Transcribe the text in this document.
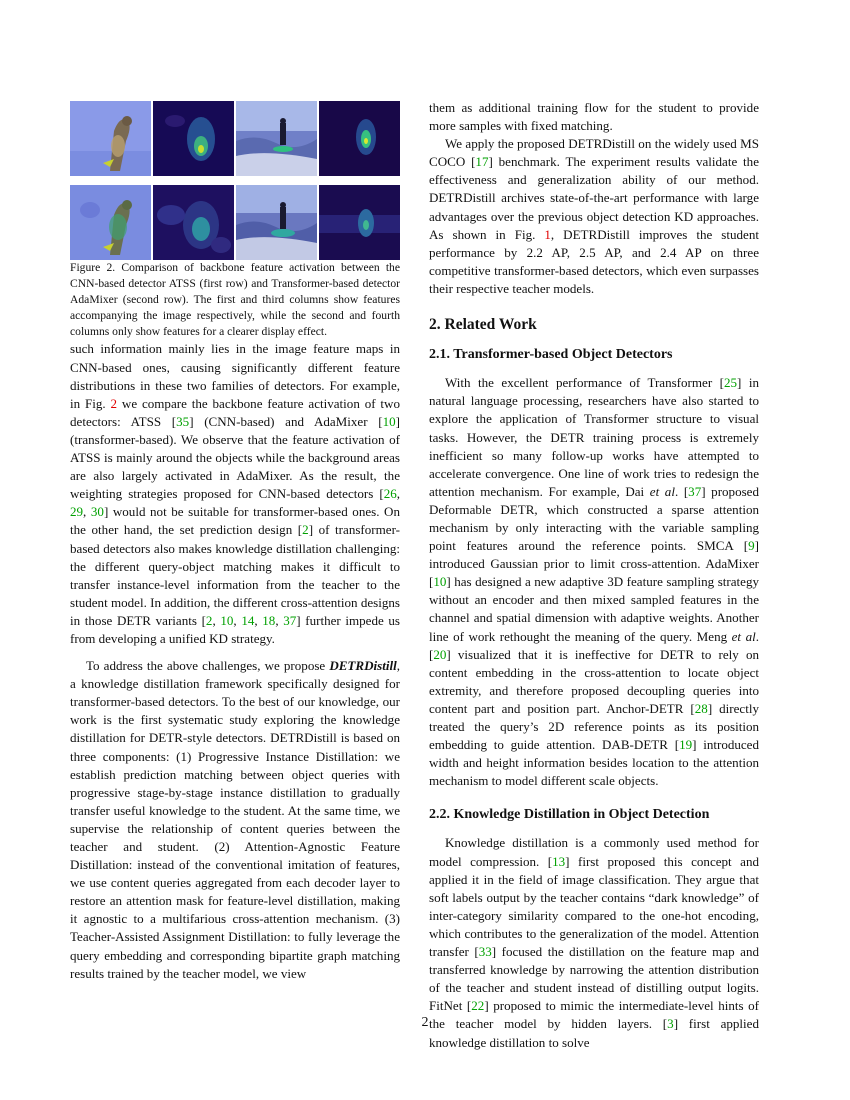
Figure 2. Comparison of backbone feature activation between the CNN-based detector ATSS (first row) and Transformer-based detector AdaMixer (second row). The first and third columns show features accompanying the image respectively, while the second and fourth columns only show features for a clearer display effect.

such information mainly lies in the image feature maps in CNN-based ones, causing significantly different feature distributions in these two families of detectors. For example, in Fig. 2 we compare the backbone feature activation of two detectors: ATSS [35] (CNN-based) and AdaMixer [10] (transformer-based). We observe that the feature activation of ATSS is mainly around the objects while the background areas are also largely activated in AdaMixer. As the result, the weighting strategies proposed for CNN-based detectors [26, 29, 30] would not be suitable for transformer-based ones. On the other hand, the set prediction design [2] of transformer-based detectors also makes knowledge distillation challenging: the different query-object matching makes it difficult to transfer instance-level information from the teacher to the student model. In addition, the different cross-attention designs in those DETR variants [2, 10, 14, 18, 37] further impede us from developing a unified KD strategy.

To address the above challenges, we propose DETRDistill, a knowledge distillation framework specifically designed for transformer-based detectors. To the best of our knowledge, our work is the first systematic study exploring the knowledge distillation for DETR-style detectors. DETRDistill is based on three components: (1) Progressive Instance Distillation: we establish prediction matching between object queries with progressive stage-by-stage instance distillation to gradually transfer useful knowledge to the student. At the same time, we supervise the relationship of content queries between the teacher and student. (2) Attention-Agnostic Feature Distillation: instead of the conventional imitation of features, we use content queries aggregated from each decoder layer to restore an attention mask for feature-level distillation, making it agnostic to a multifarious cross-attention mechanism. (3) Teacher-Assisted Assignment Distillation: to fully leverage the query embedding and corresponding bipartite graph matching results trained by the teacher model, we view

them as additional training flow for the student to provide more samples with fixed matching.

We apply the proposed DETRDistill on the widely used MS COCO [17] benchmark. The experiment results validate the effectiveness and generalization ability of our method. DETRDistill archives state-of-the-art performance with large advantages over the previous object detection KD approaches. As shown in Fig. 1, DETRDistill improves the student performance by 2.2 AP, 2.5 AP, and 2.4 AP on three competitive transformer-based detectors, which even surpasses their respective teacher models.

2. Related Work
2.1. Transformer-based Object Detectors

With the excellent performance of Transformer [25] in natural language processing, researchers have also started to explore the application of Transformer structure to visual tasks. However, the DETR training process is extremely inefficient so many follow-up works have attempted to accelerate convergence. One line of work tries to redesign the attention mechanism. For example, Dai et al. [37] proposed Deformable DETR, which constructed a sparse attention mechanism by only interacting with the variable sampling point features around the reference points. SMCA [9] introduced Gaussian prior to limit cross-attention. AdaMixer [10] has designed a new adaptive 3D feature sampling strategy without an encoder and then mixed sampled features in the channel and spatial dimension with adaptive weights. Another line of work rethought the meaning of the query. Meng et al. [20] visualized that it is ineffective for DETR to rely on content embedding in the cross-attention to locate object extremity, and therefore proposed decoupling queries into content part and position part. Anchor-DETR [28] directly treated the query’s 2D reference points as its position embedding to guide attention. DAB-DETR [19] introduced width and height information besides location to the attention mechanism to model different scale objects.

2.2. Knowledge Distillation in Object Detection

Knowledge distillation is a commonly used method for model compression. [13] first proposed this concept and applied it in the field of image classification. They argue that soft labels output by the teacher contains “dark knowledge” of inter-category similarity compared to the one-hot encoding, which contributes to the generalization of the model. Attention transfer [33] focused the distillation on the feature map and transferred knowledge by narrowing the attention distribution of the teacher and student instead of distilling output logits. FitNet [22] proposed to mimic the intermediate-level hints of the teacher model by hidden layers. [3] first applied knowledge distillation to solve

2
